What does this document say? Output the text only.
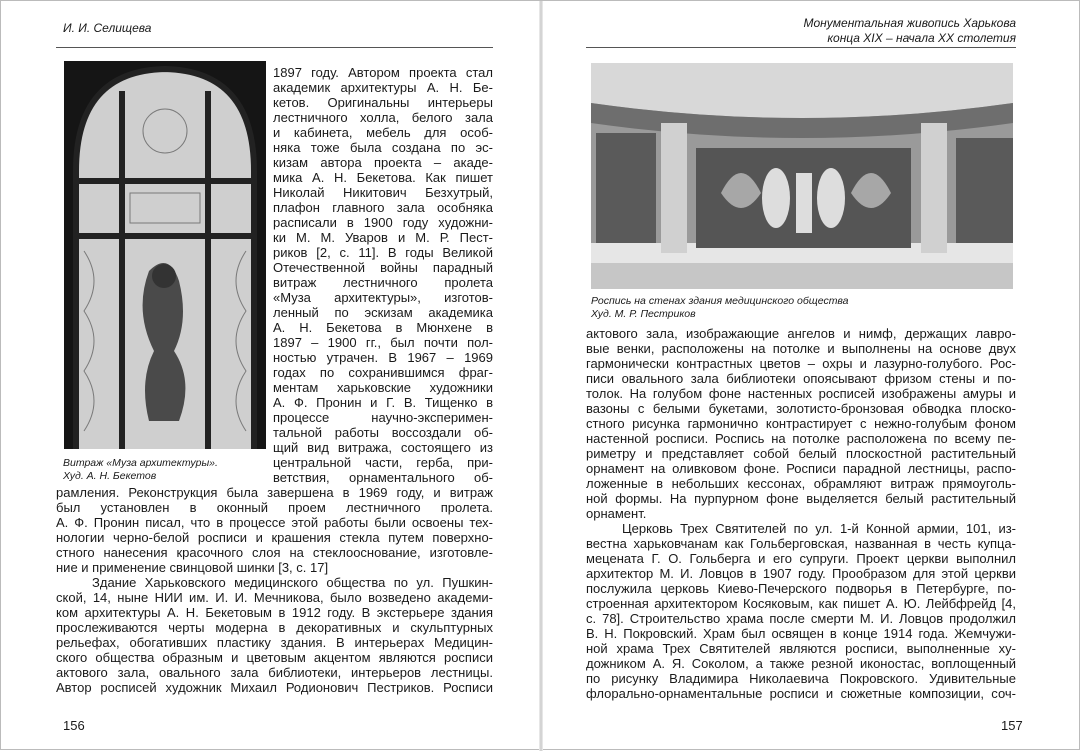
И. И. Селищева
Витраж «Муза архитектуры».
Худ. А. Н. Бекетов
1897 году. Автором проекта стал
академик архитектуры А. Н. Бе-
кетов. Оригинальны интерьеры
лестничного холла, белого зала
и кабинета, мебель для особ-
няка тоже была создана по эс-
кизам автора проекта – акаде-
мика А. Н. Бекетова. Как пишет
Николай Никитович Безхутрый,
плафон главного зала особняка
расписали в 1900 году художни-
ки М. М. Уваров и М. Р. Пест-
риков [2, с. 11]. В годы Великой
Отечественной войны парадный
витраж лестничного пролета
«Муза архитектуры», изготов-
ленный по эскизам академика
А. Н. Бекетова в Мюнхене в
1897 – 1900 гг., был почти пол-
ностью утрачен. В 1967 – 1969
годах по сохранившимся фраг-
ментам харьковские художники
А. Ф. Пронин и Г. В. Тищенко в
процессе научно-эксперимен-
тальной работы воссоздали об-
щий вид витража, состоящего из
центральной части, герба, при-
ветствия, орнаментального об-
рамления. Реконструкция была завершена в 1969 году, и витраж
был установлен в оконный проем лестничного пролета.
А. Ф. Пронин писал, что в процессе этой работы были освоены тех-
нологии черно-белой росписи и крашения стекла путем поверхно-
стного нанесения красочного слоя на стеклооснование, изготовле-
ние и применение свинцовой шинки [3, с. 17]
Здание Харьковского медицинского общества по ул. Пушкин-
ской, 14, ныне НИИ им. И. И. Мечникова, было возведено академи-
ком архитектуры А. Н. Бекетовым в 1912 году. В экстерьере здания
прослеживаются черты модерна в декоративных и скульптурных
рельефах, обогативших пластику здания. В интерьерах Медицин-
ского общества образным и цветовым акцентом являются росписи
актового зала, овального зала библиотеки, интерьеров лестницы.
Автор росписей художник Михаил Родионович Пестриков. Росписи
156
Монументальная живопись Харькова
конца XIX – начала XX столетия
Роспись на стенах здания медицинского общества
Худ. М. Р. Пестриков
актового зала, изображающие ангелов и нимф, держащих лавро-
вые венки, расположены на потолке и выполнены на основе двух
гармонически контрастных цветов – охры и лазурно-голубого. Рос-
писи овального зала библиотеки опоясывают фризом стены и по-
толок. На голубом фоне настенных росписей изображены амуры и
вазоны с белыми букетами, золотисто-бронзовая обводка плоско-
стного рисунка гармонично контрастирует с нежно-голубым фоном
настенной росписи. Роспись на потолке расположена по всему пе-
риметру и представляет собой белый плоскостной растительный
орнамент на оливковом фоне. Росписи парадной лестницы, распо-
ложенные в небольших кессонах, обрамляют витраж прямоуголь-
ной формы. На пурпурном фоне выделяется белый растительный
орнамент.
Церковь Трех Святителей по ул. 1-й Конной армии, 101, из-
вестна харьковчанам как Гольберговская, названная в честь купца-
мецената Г. О. Гольберга и его супруги. Проект церкви выполнил
архитектор М. И. Ловцов в 1907 году. Прообразом для этой церкви
послужила церковь Киево-Печерского подворья в Петербурге, по-
строенная архитектором Косяковым, как пишет А. Ю. Лейбфрейд [4,
с. 78]. Строительство храма после смерти М. И. Ловцов продолжил
В. Н. Покровский. Храм был освящен в конце 1914 года. Жемчужи-
ной храма Трех Святителей являются росписи, выполненные ху-
дожником А. Я. Соколом, а также резной иконостас, воплощенный
по рисунку Владимира Николаевича Покровского. Удивительные
флорально-орнаментальные росписи и сюжетные композиции, соч-
157
